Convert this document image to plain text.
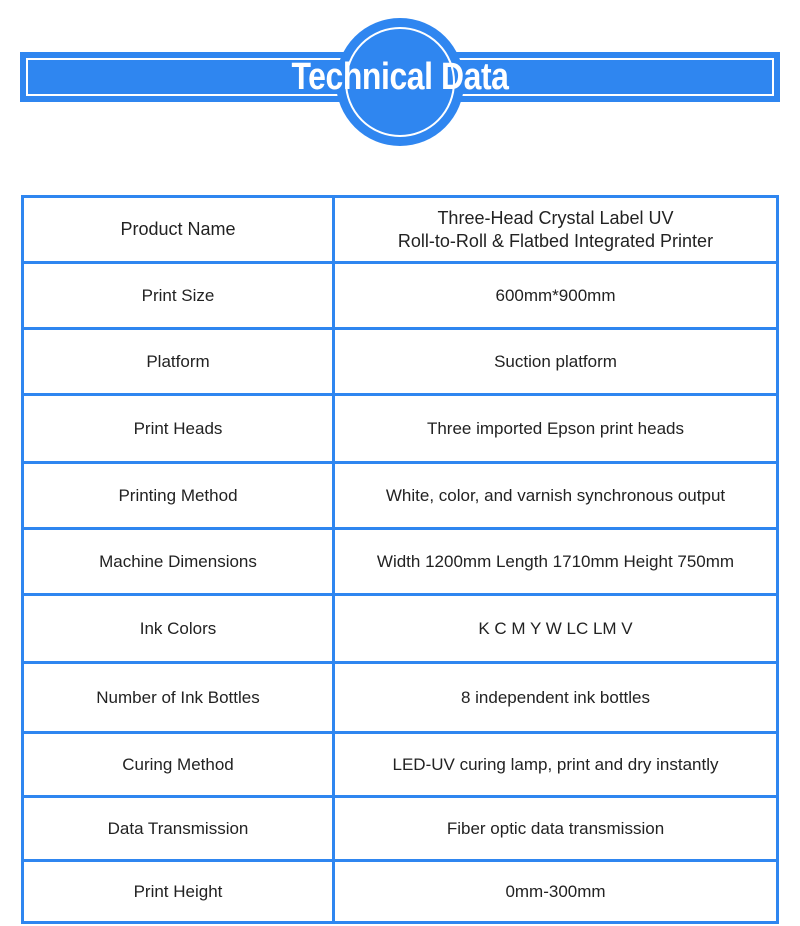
Technical Data
Product Name	Three-Head Crystal Label UV
Roll-to-Roll & Flatbed Integrated Printer
Print Size	600mm*900mm
Platform	Suction platform
Print Heads	Three imported Epson print heads
Printing Method	White, color, and varnish synchronous output
Machine Dimensions	Width 1200mm Length 1710mm Height 750mm
Ink Colors	K C M Y W LC LM V
Number of Ink Bottles	8 independent ink bottles
Curing Method	LED-UV curing lamp, print and dry instantly
Data Transmission	Fiber optic data transmission
Print Height	0mm-300mm
